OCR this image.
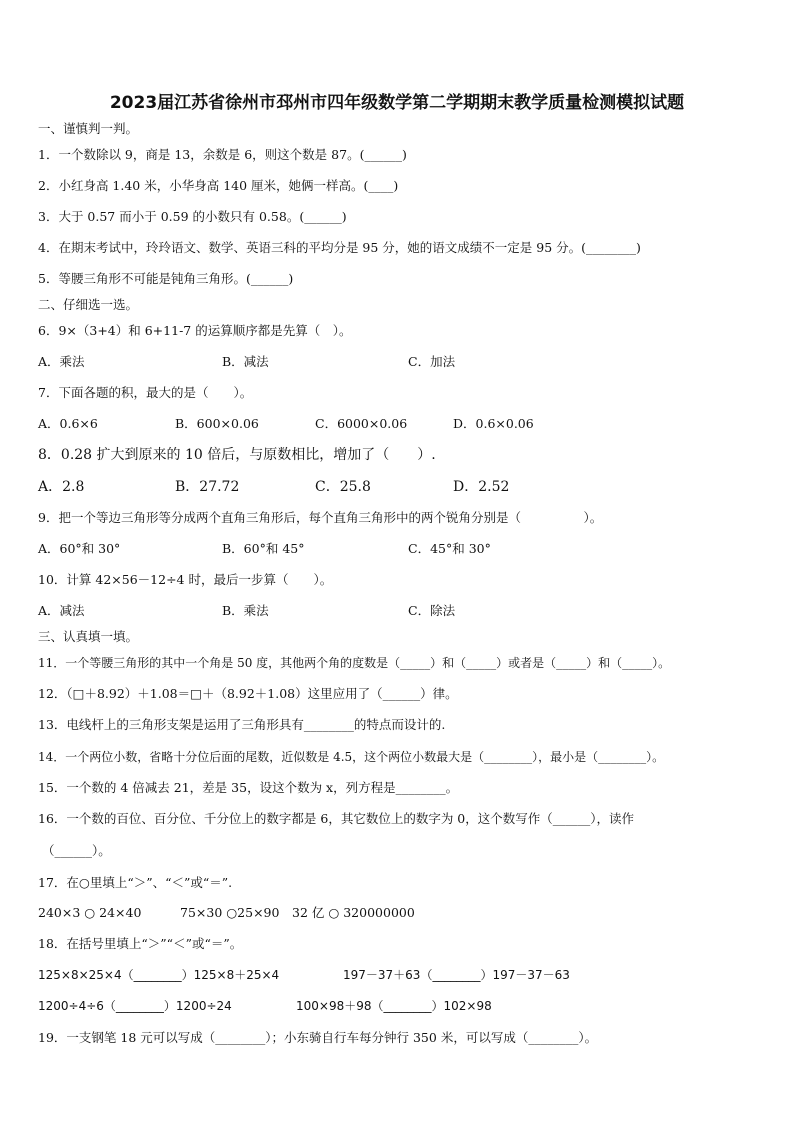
2023届江苏省徐州市邳州市四年级数学第二学期期末教学质量检测模拟试题
一、谨慎判一判。
1．一个数除以 9，商是 13，余数是 6，则这个数是 87。(______)
2．小红身高 1.40 米，小华身高 140 厘米，她俩一样高。(____)
3．大于 0.57 而小于 0.59 的小数只有 0.58。(______)
4．在期末考试中，玲玲语文、数学、英语三科的平均分是 95 分，她的语文成绩不一定是 95 分。(________)
5．等腰三角形不可能是钝角三角形。(______)
二、仔细选一选。
6．9×（3+4）和 6+11-7 的运算顺序都是先算（　）。
A．乘法	B．减法	C．加法
7．下面各题的积，最大的是（　　）。
A．0.6×6	B．600×0.06	C．6000×0.06	D．0.6×0.06
8．0.28 扩大到原来的 10 倍后，与原数相比，增加了（　　）.
A．2.8	B．27.72	C．25.8	D．2.52
9．把一个等边三角形等分成两个直角三角形后，每个直角三角形中的两个锐角分别是（　　　　　）。
A．60°和 30°	B．60°和 45°	C．45°和 30°
10．计算 42×56－12÷4 时，最后一步算（　　）。
A．减法	B．乘法	C．除法
三、认真填一填。
11．一个等腰三角形的其中一个角是 50 度，其他两个角的度数是（_____）和（_____）或者是（_____）和（_____）。
12．（□＋8.92）＋1.08＝□＋（8.92＋1.08）这里应用了（______）律。
13．电线杆上的三角形支架是运用了三角形具有________的特点而设计的.
14．一个两位小数，省略十分位后面的尾数，近似数是 4.5，这个两位小数最大是（________），最小是（________）。
15．一个数的 4 倍减去 21，差是 35，设这个数为 x，列方程是________。
16．一个数的百位、百分位、千分位上的数字都是 6，其它数位上的数字为 0，这个数写作（______），读作
（______）。
17．在○里填上“＞”、“＜”或“＝”.
240×3 ○ 24×40	75×30 ○25×90 32 亿 ○ 320000000
18．在括号里填上“＞”“＜”或“＝”。
125×8×25×4（________）125×8＋25×4	197－37＋63（________）197－37－63
1200÷4÷6（________）1200÷24	100×98＋98（________）102×98
19．一支钢笔 18 元可以写成（________）；小东骑自行车每分钟行 350 米，可以写成（________）。
